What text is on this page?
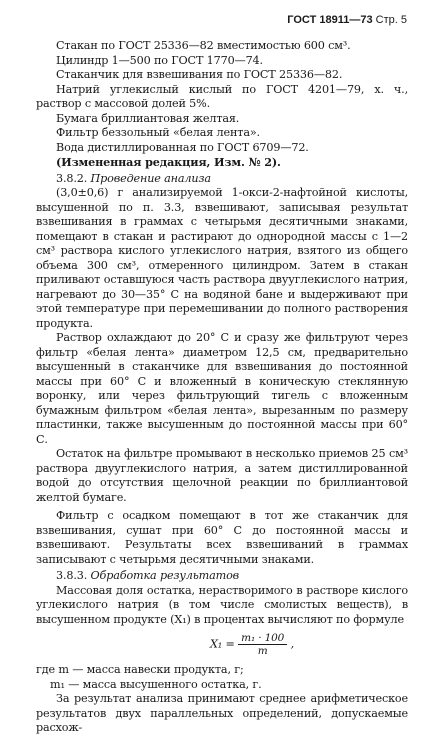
ГОСТ 18911—73 Стр. 5

Стакан по ГОСТ 25336—82 вместимостью 600 см³.

Цилиндр 1—500 по ГОСТ 1770—74.

Стаканчик для взвешивания по ГОСТ 25336—82.

Натрий углекислый кислый по ГОСТ 4201—79, х. ч., раствор с массовой долей 5%.

Бумага бриллиантовая желтая.

Фильтр беззольный «белая лента».

Вода дистиллированная по ГОСТ 6709—72.

(Измененная редакция, Изм. № 2).

3.8.2. Проведение анализа

(3,0±0,6) г анализируемой 1-окси-2-нафтойной кислоты, высушенной по п. 3.3, взвешивают, записывая результат взвешивания в граммах с четырьмя десятичными знаками, помещают в стакан и растирают до однородной массы с 1—2 см³ раствора кислого углекислого натрия, взятого из общего объема 300 см³, отмеренного цилиндром. Затем в стакан приливают оставшуюся часть раствора двууглекислого натрия, нагревают до 30—35° С на водяной бане и выдерживают при этой температуре при перемешивании до полного растворения продукта.

Раствор охлаждают до 20° С и сразу же фильтруют через фильтр «белая лента» диаметром 12,5 см, предварительно высушенный в стаканчике для взвешивания до постоянной массы при 60° С и вложенный в коническую стеклянную воронку, или через фильтрующий тигель с вложенным бумажным фильтром «белая лента», вырезанным по размеру пластинки, также высушенным до постоянной массы при 60° С.

Остаток на фильтре промывают в несколько приемов 25 см³ раствора двууглекислого натрия, а затем дистиллированной водой до отсутствия щелочной реакции по бриллиантовой желтой бумаге.

Фильтр с осадком помещают в тот же стаканчик для взвешивания, сушат при 60° С до постоянной массы и взвешивают. Результаты всех взвешиваний в граммах записывают с четырьмя десятичными знаками.

3.8.3. Обработка результатов

Массовая доля остатка, нерастворимого в растворе кислого углекислого натрия (в том числе смолистых веществ), в высушенном продукте (X₁) в процентах вычисляют по формуле

$X_1 = \frac{\text{m₁ · 100}}{m}$ ,

где m — масса навески продукта, г;

m₁ — масса высушенного остатка, г.

За результат анализа принимают среднее арифметическое результатов двух параллельных определений, допускаемые расхож-
